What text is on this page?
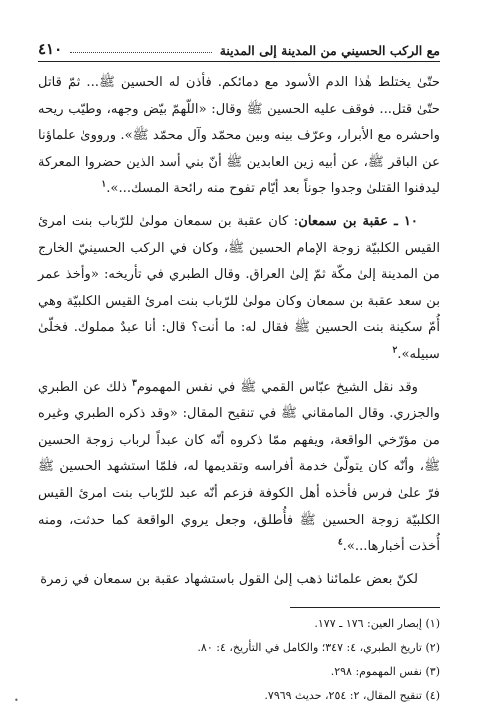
مع الركب الحسيني من المدينة إلى المدينة
٤١٠

حتّىٰ يختلط هٰذا الدم الأسود مع دمائكم. فأذن له الحسين ﷺ... ثمّ قاتل حتّىٰ قتل... فوقف عليه الحسين ﷺ وقال: «اللّهمّ بيّض وجهه، وطيّب ريحه واحشره مع الأبرار، وعرّف بينه وبين محمّد وآل محمّد ﷺ». ورووىٰ علماؤنا عن الباقر ﷺ، عن أبيه زين العابدين ﷺ أنّ بني أسد الذين حضروا المعركة ليدفنوا القتلىٰ وجدوا جوناً بعد أيّام تفوح منه رائحة المسك...».$^١$

١٠ ـ عقبة بن سمعان: كان عقبة بن سمعان مولىٰ للرّباب بنت امرئ القيس الكلبيّة زوجة الإمام الحسين ﷺ، وكان في الركب الحسينيّ الخارج من المدينة إلىٰ مكّة ثمّ إلىٰ العراق. وقال الطبري في تأريخه: «وأخذ عمر بن سعد عقبة بن سمعان وكان مولىٰ للرّباب بنت امرئ القيس الكلبيّة وهي أُمّ سكينة بنت الحسين ﷺ فقال له: ما أنت؟ قال: أنا عبدٌ مملوك. فخلّىٰ سبيله».$^٢$

وقد نقل الشيخ عبّاس القمي ﷺ في نفس المهموم$^٣$ ذلك عن الطبري والجزري. وقال المامقاني ﷺ في تنقيح المقال: «وقد ذكره الطبري وغيره من مؤرّخي الواقعة، ويفهم ممّا ذكروه أنّه كان عبداً لرباب زوجة الحسين ﷺ، وأنّه كان يتولّىٰ خدمة أفراسه وتقديمها له، فلمّا استشهد الحسين ﷺ فرّ علىٰ فرس فأخذه أهل الكوفة فزعم أنّه عبد للرّباب بنت امرئ القيس الكلبيّة زوجة الحسين ﷺ فأُطلق، وجعل يروي الواقعة كما حدثت، ومنه أُخذت أخبارها...».$^٤$

لكنّ بعض علمائنا ذهب إلىٰ القول باستشهاد عقبة بن سمعان في زمرة

(١) إبصار العين: ١٧٦ ـ ١٧٧.
(٢) تاريخ الطبري، ٤: ٣٤٧؛ والكامل في التأريخ، ٤: ٨٠.
(٣) نفس المهموم: ٢٩٨.
(٤) تنقيح المقال، ٢: ٢٥٤، حديث ٧٩٦٩.
•
